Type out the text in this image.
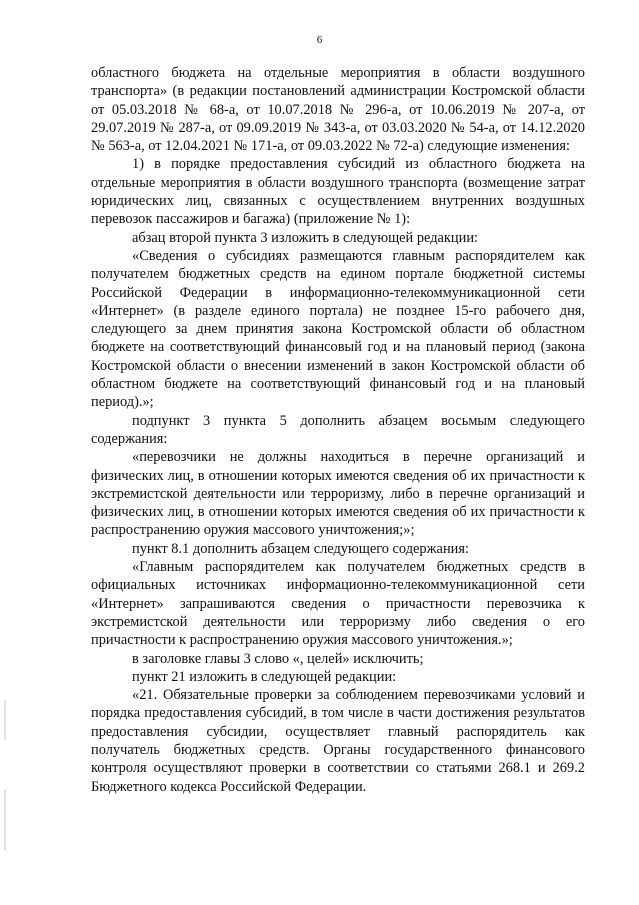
6

областного бюджета на отдельные мероприятия в области воздушного транспорта» (в редакции постановлений администрации Костромской области от 05.03.2018 № 68-а, от 10.07.2018 № 296-а, от 10.06.2019 № 207-а, от 29.07.2019 № 287-а, от 09.09.2019 № 343-а, от 03.03.2020 № 54-а, от 14.12.2020 № 563-а, от 12.04.2021 № 171-а, от 09.03.2022 № 72-а) следующие изменения:

1) в порядке предоставления субсидий из областного бюджета на отдельные мероприятия в области воздушного транспорта (возмещение затрат юридических лиц, связанных с осуществлением внутренних воздушных перевозок пассажиров и багажа) (приложение № 1):

абзац второй пункта 3 изложить в следующей редакции:

«Сведения о субсидиях размещаются главным распорядителем как получателем бюджетных средств на едином портале бюджетной системы Российской Федерации в информационно-телекоммуникационной сети «Интернет» (в разделе единого портала) не позднее 15-го рабочего дня, следующего за днем принятия закона Костромской области об областном бюджете на соответствующий финансовый год и на плановый период (закона Костромской области о внесении изменений в закон Костромской области об областном бюджете на соответствующий финансовый год и на плановый период).»;

подпункт 3 пункта 5 дополнить абзацем восьмым следующего содержания:

«перевозчики не должны находиться в перечне организаций и физических лиц, в отношении которых имеются сведения об их причастности к экстремистской деятельности или терроризму, либо в перечне организаций и физических лиц, в отношении которых имеются сведения об их причастности к распространению оружия массового уничтожения;»;

пункт 8.1 дополнить абзацем следующего содержания:

«Главным распорядителем как получателем бюджетных средств в официальных источниках информационно-телекоммуникационной сети «Интернет» запрашиваются сведения о причастности перевозчика к экстремистской деятельности или терроризму либо сведения о его причастности к распространению оружия массового уничтожения.»;

в заголовке главы 3 слово «, целей» исключить;

пункт 21 изложить в следующей редакции:

«21. Обязательные проверки за соблюдением перевозчиками условий и порядка предоставления субсидий, в том числе в части достижения результатов предоставления субсидии, осуществляет главный распорядитель как получатель бюджетных средств. Органы государственного финансового контроля осуществляют проверки в соответствии со статьями 268.1 и 269.2 Бюджетного кодекса Российской Федерации.
